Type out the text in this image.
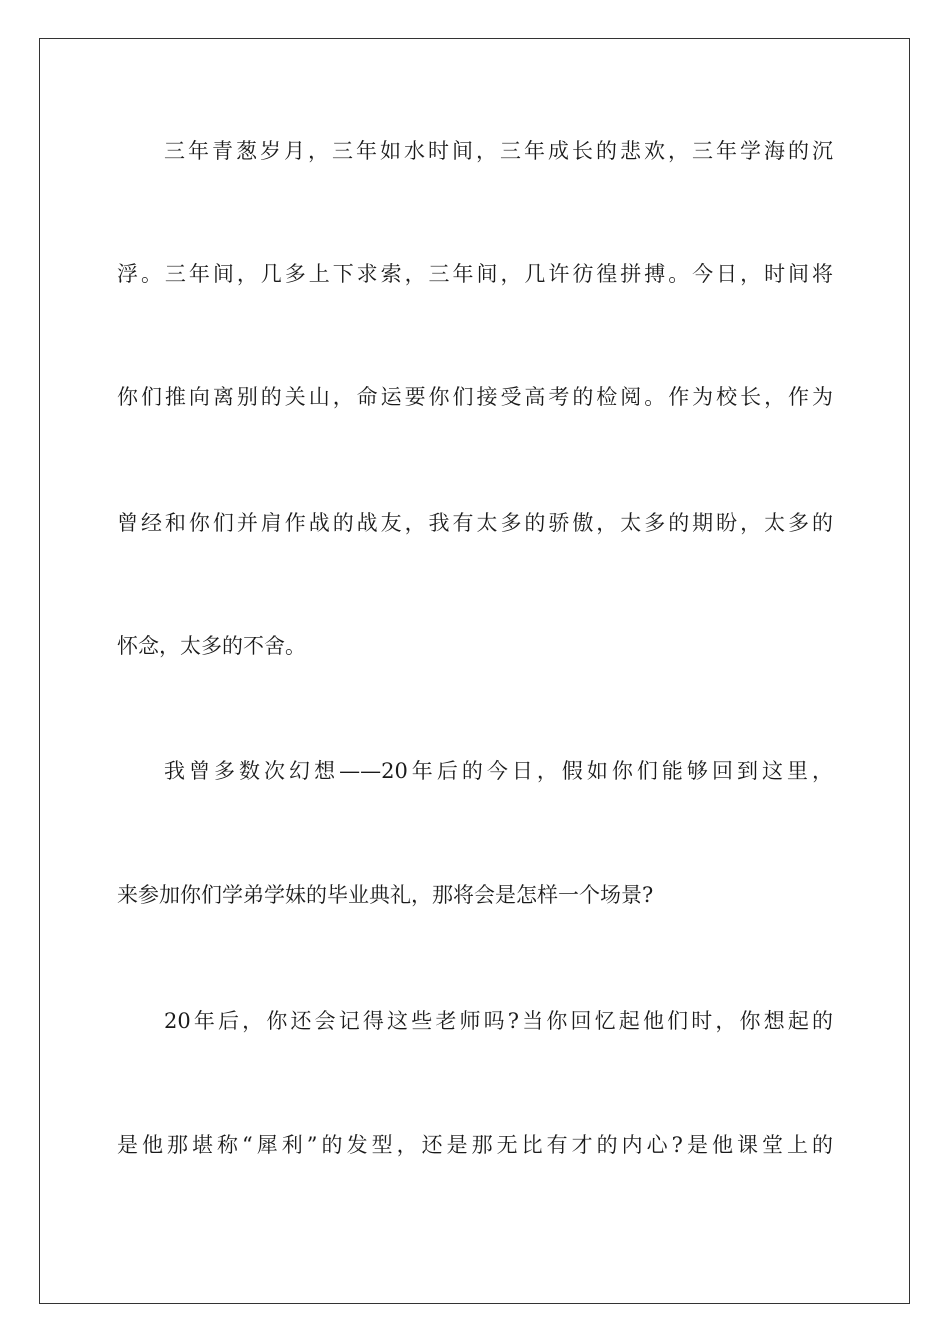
三年青葱岁月，三年如水时间，三年成长的悲欢，三年学海的沉
浮。三年间，几多上下求索，三年间，几许彷徨拼搏。今日，时间将
你们推向离别的关山，命运要你们接受高考的检阅。作为校长，作为
曾经和你们并肩作战的战友，我有太多的骄傲，太多的期盼，太多的
怀念，太多的不舍。
我曾多数次幻想——20年后的今日，假如你们能够回到这里，
来参加你们学弟学妹的毕业典礼，那将会是怎样一个场景?
20年后，你还会记得这些老师吗?当你回忆起他们时，你想起的
是他那堪称“犀利”的发型，还是那无比有才的内心?是他课堂上的
